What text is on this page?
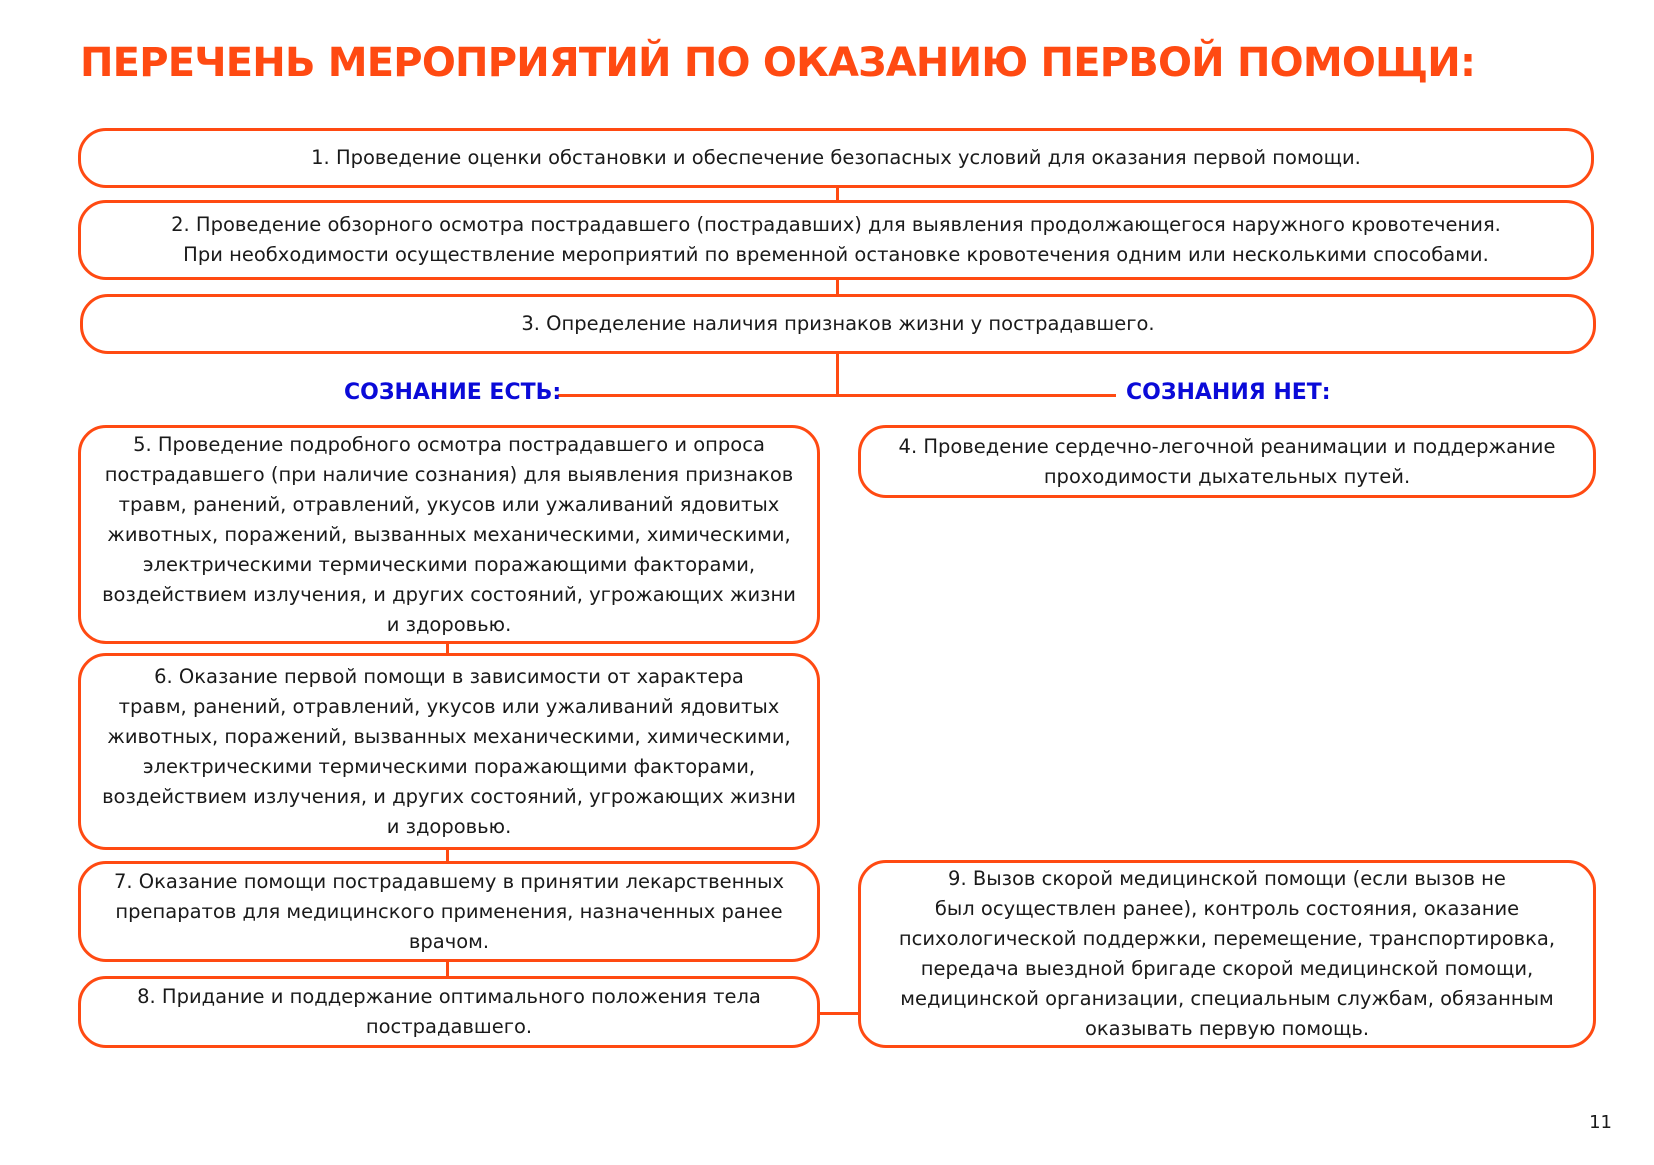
ПЕРЕЧЕНЬ МЕРОПРИЯТИЙ ПО ОКАЗАНИЮ ПЕРВОЙ ПОМОЩИ:
СОЗНАНИЕ ЕСТЬ:	СОЗНАНИЯ НЕТ:
1. Проведение оценки обстановки и обеспечение безопасных условий для оказания первой помощи.
2. Проведение обзорного осмотра пострадавшего (пострадавших) для выявления продолжающегося наружного кровотечения.
При необходимости осуществление мероприятий по временной остановке кровотечения одним или несколькими способами.
3. Определение наличия признаков жизни у пострадавшего.
5. Проведение подробного осмотра пострадавшего и опроса
пострадавшего (при наличие сознания) для выявления признаков
травм, ранений, отравлений, укусов или ужаливаний ядовитых
животных, поражений, вызванных механическими, химическими,
электрическими термическими поражающими факторами,
воздействием излучения, и других состояний, угрожающих жизни
и здоровью.
4. Проведение сердечно-легочной реанимации и поддержание
проходимости дыхательных путей.
6. Оказание первой помощи в зависимости от характера
травм, ранений, отравлений, укусов или ужаливаний ядовитых
животных, поражений, вызванных механическими, химическими,
электрическими термическими поражающими факторами,
воздействием излучения, и других состояний, угрожающих жизни
и здоровью.
7. Оказание помощи пострадавшему в принятии лекарственных
препаратов для медицинского применения, назначенных ранее
врачом.
8. Придание и поддержание оптимального положения тела
пострадавшего.
9. Вызов скорой медицинской помощи (если вызов не
был осуществлен ранее), контроль состояния, оказание
психологической поддержки, перемещение, транспортировка,
передача выездной бригаде скорой медицинской помощи,
медицинской организации, специальным службам, обязанным
оказывать первую помощь.
11
